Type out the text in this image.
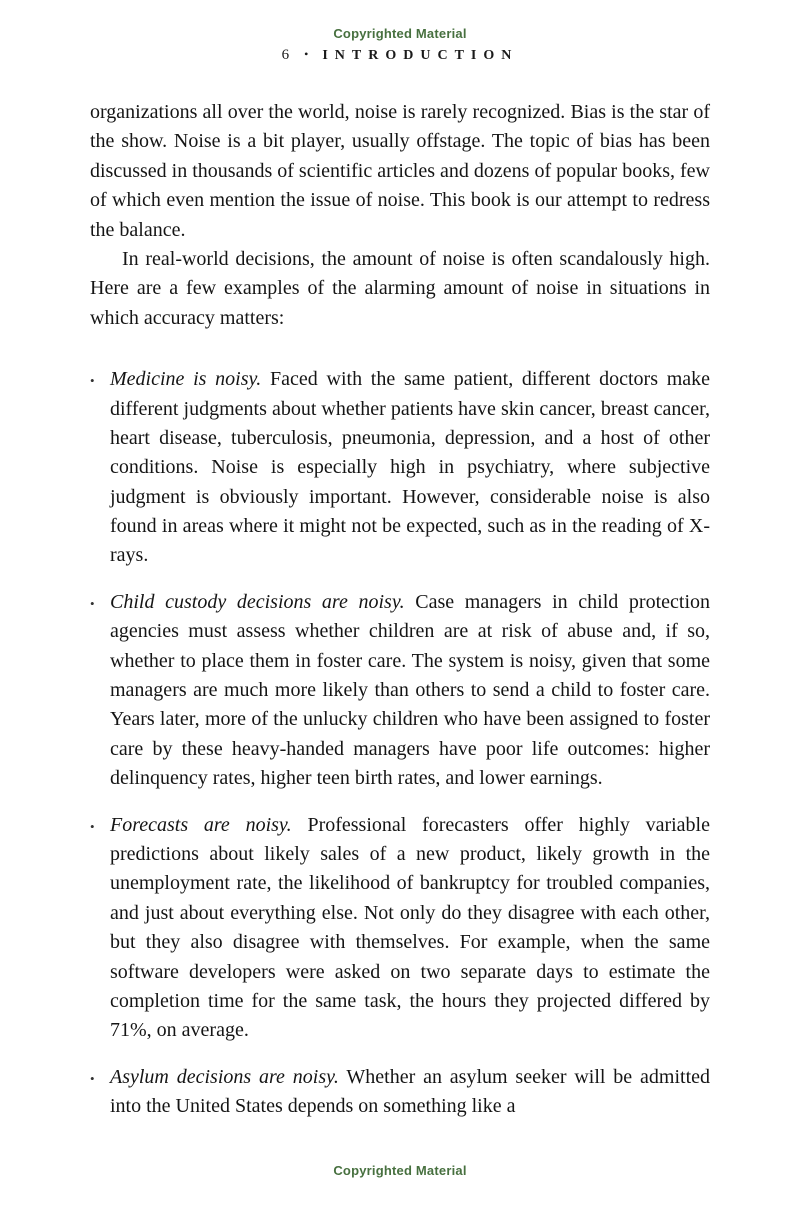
Copyrighted Material
6 • INTRODUCTION

organizations all over the world, noise is rarely recognized. Bias is the star of the show. Noise is a bit player, usually offstage. The topic of bias has been discussed in thousands of scientific articles and dozens of popular books, few of which even mention the issue of noise. This book is our attempt to redress the balance.

In real-world decisions, the amount of noise is often scandalously high. Here are a few examples of the alarming amount of noise in situations in which accuracy matters:

• Medicine is noisy. Faced with the same patient, different doctors make different judgments about whether patients have skin cancer, breast cancer, heart disease, tuberculosis, pneumonia, depression, and a host of other conditions. Noise is especially high in psychiatry, where subjective judgment is obviously important. However, considerable noise is also found in areas where it might not be expected, such as in the reading of X-rays.
• Child custody decisions are noisy. Case managers in child protection agencies must assess whether children are at risk of abuse and, if so, whether to place them in foster care. The system is noisy, given that some managers are much more likely than others to send a child to foster care. Years later, more of the unlucky children who have been assigned to foster care by these heavy-handed managers have poor life outcomes: higher delinquency rates, higher teen birth rates, and lower earnings.
• Forecasts are noisy. Professional forecasters offer highly variable predictions about likely sales of a new product, likely growth in the unemployment rate, the likelihood of bankruptcy for troubled companies, and just about everything else. Not only do they disagree with each other, but they also disagree with themselves. For example, when the same software developers were asked on two separate days to estimate the completion time for the same task, the hours they projected differed by 71%, on average.
• Asylum decisions are noisy. Whether an asylum seeker will be admitted into the United States depends on something like a
Copyrighted Material
